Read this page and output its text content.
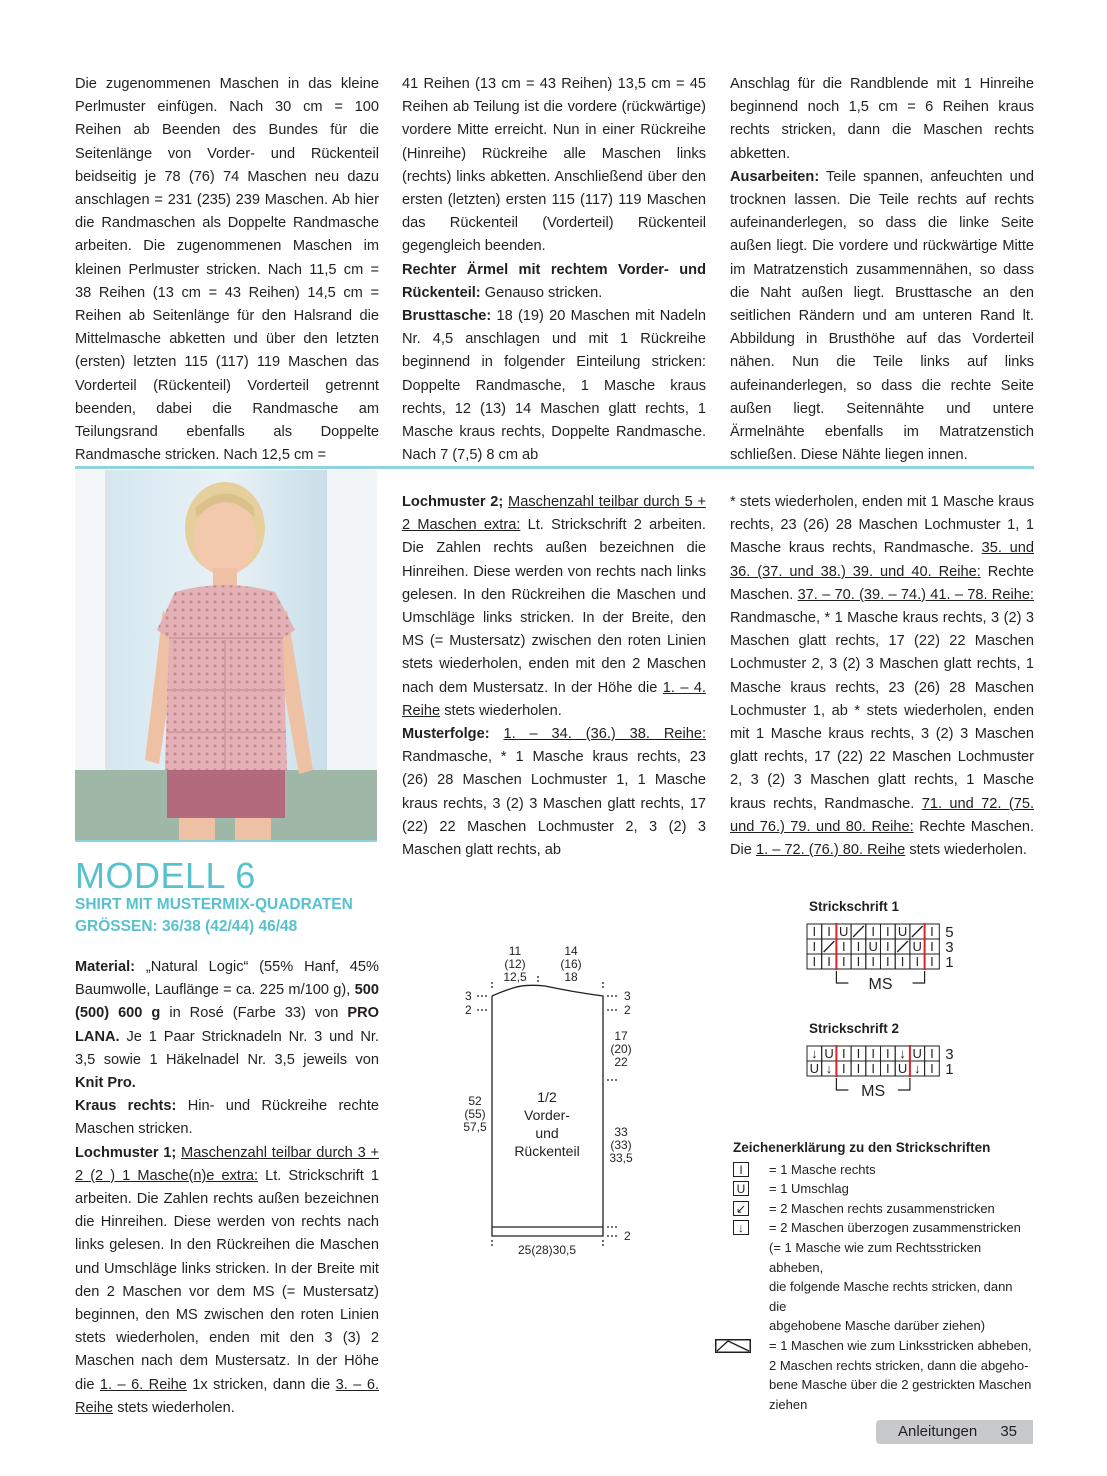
Die zugenommenen Maschen in das kleine Perlmuster einfügen. Nach 30 cm = 100 Reihen ab Beenden des Bundes für die Seitenlänge von Vorder- und Rückenteil beidseitig je 78 (76) 74 Maschen neu dazu anschlagen = 231 (235) 239 Maschen. Ab hier die Randmaschen als Doppelte Randmasche arbeiten. Die zugenommenen Maschen im kleinen Perlmuster stricken. Nach 11,5 cm = 38 Reihen (13 cm = 43 Reihen) 14,5 cm = Reihen ab Seitenlänge für den Halsrand die Mittelmasche abketten und über den letzten (ersten) letzten 115 (117) 119 Maschen das Vorderteil (Rückenteil) Vorderteil getrennt beenden, dabei die Randmasche am Teilungsrand ebenfalls als Doppelte Randmasche stricken. Nach 12,5 cm =

41 Reihen (13 cm = 43 Reihen) 13,5 cm = 45 Reihen ab Teilung ist die vordere (rückwärtige) vordere Mitte erreicht. Nun in einer Rückreihe (Hinreihe) Rückreihe alle Maschen links (rechts) links abketten. Anschließend über den ersten (letzten) ersten 115 (117) 119 Maschen das Rückenteil (Vorderteil) Rückenteil gegengleich beenden.

Rechter Ärmel mit rechtem Vorder- und Rückenteil: Genauso stricken.

Brusttasche: 18 (19) 20 Maschen mit Nadeln Nr. 4,5 anschlagen und mit 1 Rückreihe beginnend in folgender Einteilung stricken: Doppelte Randmasche, 1 Masche kraus rechts, 12 (13) 14 Maschen glatt rechts, 1 Masche kraus rechts, Doppelte Randmasche. Nach 7 (7,5) 8 cm ab

Anschlag für die Randblende mit 1 Hinreihe beginnend noch 1,5 cm = 6 Reihen kraus rechts stricken, dann die Maschen rechts abketten.

Ausarbeiten: Teile spannen, anfeuchten und trocknen lassen. Die Teile rechts auf rechts aufeinanderlegen, so dass die linke Seite außen liegt. Die vordere und rückwärtige Mitte im Matratzenstich zusammennähen, so dass die Naht außen liegt. Brusttasche an den seitlichen Rändern und am unteren Rand lt. Abbildung in Brusthöhe auf das Vorderteil nähen. Nun die Teile links auf links aufeinanderlegen, so dass die rechte Seite außen liegt. Seitennähte und untere Ärmelnähte ebenfalls im Matratzenstich schließen. Diese Nähte liegen innen.

MODELL 6
SHIRT MIT MUSTERMIX-QUADRATEN
GRÖSSEN: 36/38 (42/44) 46/48

Material: „Natural Logic“ (55% Hanf, 45% Baumwolle, Lauflänge = ca. 225 m/100 g), 500 (500) 600 g in Rosé (Farbe 33) von PRO LANA. Je 1 Paar Stricknadeln Nr. 3 und Nr. 3,5 sowie 1 Häkelnadel Nr. 3,5 jeweils von Knit Pro.

Kraus rechts: Hin- und Rückreihe rechte Maschen stricken.

Lochmuster 1; Maschenzahl teilbar durch 3 + 2 (2 ) 1 Masche(n)e extra: Lt. Strickschrift 1 arbeiten. Die Zahlen rechts außen bezeichnen die Hinreihen. Diese werden von rechts nach links gelesen. In den Rückreihen die Maschen und Umschläge links stricken. In der Breite mit den 2 Maschen vor dem MS (= Mustersatz) beginnen, den MS zwischen den roten Linien stets wiederholen, enden mit den 3 (3) 2 Maschen nach dem Mustersatz. In der Höhe die 1. – 6. Reihe 1x stricken, dann die 3. – 6. Reihe stets wiederholen.

Lochmuster 2; Maschenzahl teilbar durch 5 + 2 Maschen extra: Lt. Strickschrift 2 arbeiten. Die Zahlen rechts außen bezeichnen die Hinreihen. Diese werden von rechts nach links gelesen. In den Rückreihen die Maschen und Umschläge links stricken. In der Breite, den MS (= Mustersatz) zwischen den roten Linien stets wiederholen, enden mit den 2 Maschen nach dem Mustersatz. In der Höhe die 1. – 4. Reihe stets wiederholen.

Musterfolge: 1. – 34. (36.) 38. Reihe: Randmasche, * 1 Masche kraus rechts, 23 (26) 28 Maschen Lochmuster 1, 1 Masche kraus rechts, 3 (2) 3 Maschen glatt rechts, 17 (22) 22 Maschen Lochmuster 2, 3 (2) 3 Maschen glatt rechts, ab

* stets wiederholen, enden mit 1 Masche kraus rechts, 23 (26) 28 Maschen Lochmuster 1, 1 Masche kraus rechts, Randmasche. 35. und 36. (37. und 38.) 39. und 40. Reihe: Rechte Maschen. 37. – 70. (39. – 74.) 41. – 78. Reihe: Randmasche, * 1 Masche kraus rechts, 3 (2) 3 Maschen glatt rechts, 17 (22) 22 Maschen Lochmuster 2, 3 (2) 3 Maschen glatt rechts, 1 Masche kraus rechts, 23 (26) 28 Maschen Lochmuster 1, ab * stets wiederholen, enden mit 1 Masche kraus rechts, 3 (2) 3 Maschen glatt rechts, 17 (22) 22 Maschen Lochmuster 2, 3 (2) 3 Maschen glatt rechts, 1 Masche kraus rechts, Randmasche. 71. und 72. (75. und 76.) 79. und 80. Reihe: Rechte Maschen. Die 1. – 72. (76.) 80. Reihe stets wiederholen.

11
(12)
12,5
14
(16)
18
3
2
3
2
17
(20)
22
52
(55)
57,5
1/2
Vorder-
und
Rückenteil
33
(33)
33,5
2
25(28)30,5
Strickschrift 1
I I U I I U I
I I I U I U I
I I I I I I I I I
5
3
1
MS
Strickschrift 2
↓ U I I I I ↓ U I
U ↓ I I I I U ↓ I
3
1
MS
Zeichenerklärung zu den Strickschriften
I	= 1 Masche rechts
U = 1 Umschlag
↙ = 2 Maschen rechts zusammenstricken
↓	= 2 Maschen überzogen zusammenstricken
(= 1 Masche wie zum Rechtsstricken abheben,
die folgende Masche rechts stricken, dann die
abgehobene Masche darüber ziehen)
= 1 Maschen wie zum Linksstricken abheben,
2 Maschen rechts stricken, dann die abgeho-
bene Masche über die 2 gestrickten Maschen
ziehen
Anleitungen 35
